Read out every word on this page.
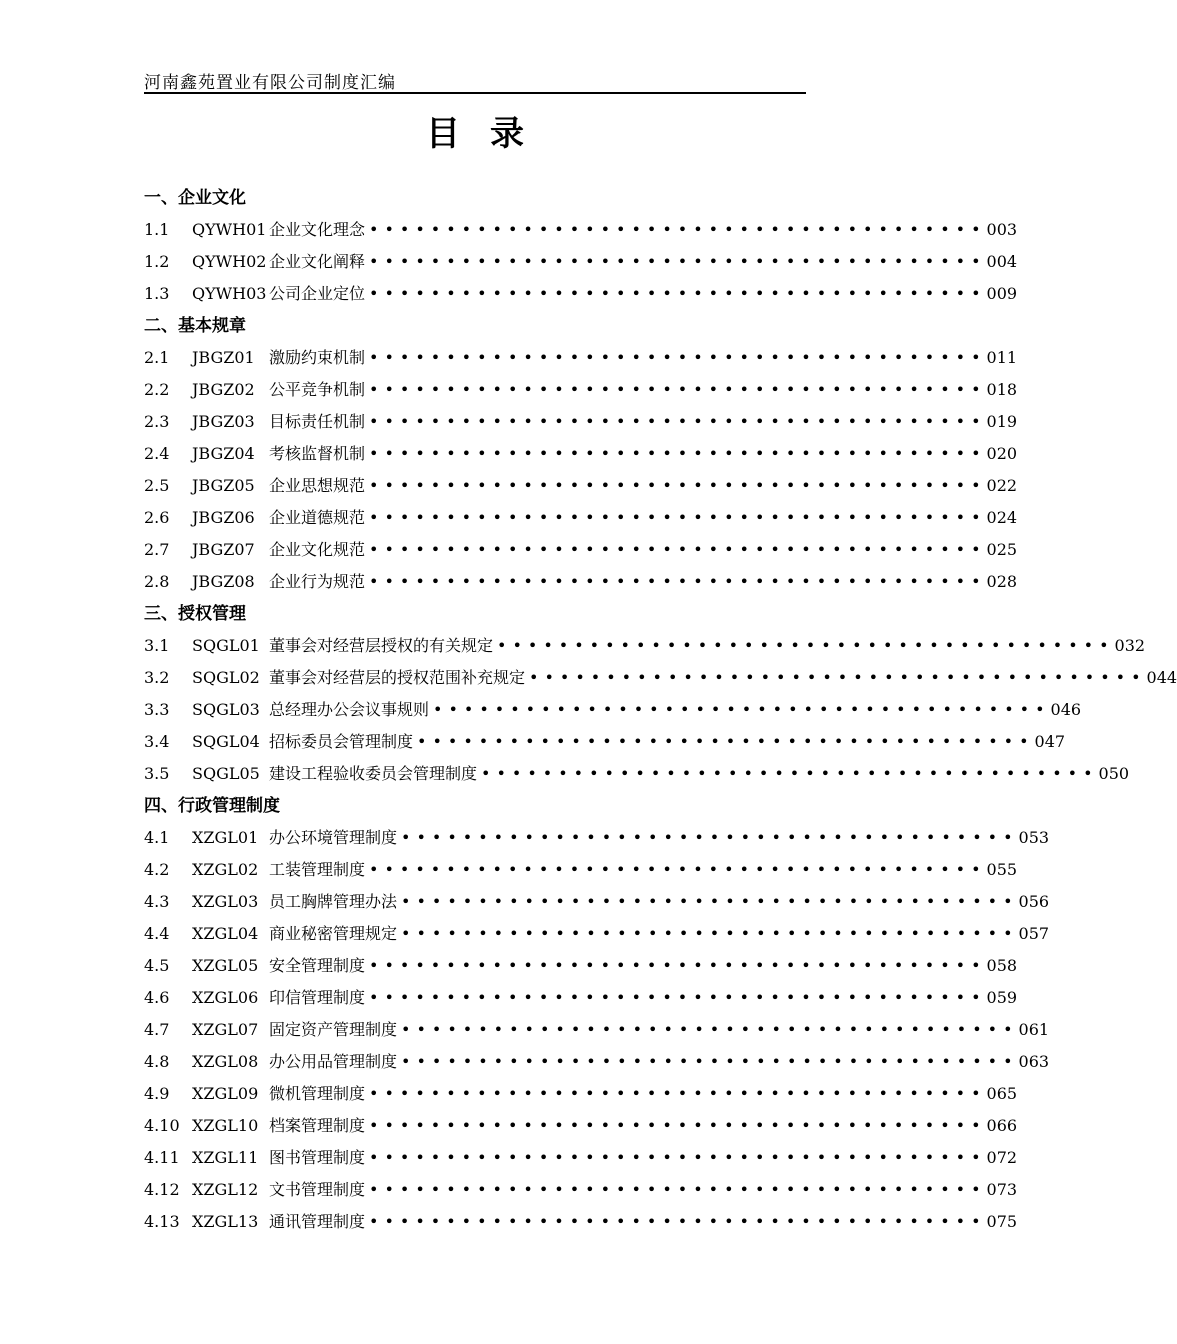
河南鑫苑置业有限公司制度汇编
目录
一、企业文化
1.1 QYWH01 企业文化理念 •••••••••••••••••••••••••••••••••••••••• 003
1.2 QYWH02 企业文化阐释 •••••••••••••••••••••••••••••••••••••••• 004
1.3 QYWH03 公司企业定位 •••••••••••••••••••••••••••••••••••••••• 009
二、基本规章
2.1 JBGZ01 激励约束机制 •••••••••••••••••••••••••••••••••••••••• 011
2.2 JBGZ02 公平竞争机制 •••••••••••••••••••••••••••••••••••••••• 018
2.3 JBGZ03 目标责任机制 •••••••••••••••••••••••••••••••••••••••• 019
2.4 JBGZ04 考核监督机制 •••••••••••••••••••••••••••••••••••••••• 020
2.5 JBGZ05 企业思想规范 •••••••••••••••••••••••••••••••••••••••• 022
2.6 JBGZ06 企业道德规范 •••••••••••••••••••••••••••••••••••••••• 024
2.7 JBGZ07 企业文化规范 •••••••••••••••••••••••••••••••••••••••• 025
2.8 JBGZ08 企业行为规范 •••••••••••••••••••••••••••••••••••••••• 028
三、授权管理
3.1 SQGL01 董事会对经营层授权的有关规定 •••••••••••••••••••••••••••••••••••••••• 032
3.2 SQGL02 董事会对经营层的授权范围补充规定 •••••••••••••••••••••••••••••••••••••••• 044
3.3 SQGL03 总经理办公会议事规则 •••••••••••••••••••••••••••••••••••••••• 046
3.4 SQGL04 招标委员会管理制度 •••••••••••••••••••••••••••••••••••••••• 047
3.5 SQGL05 建设工程验收委员会管理制度 •••••••••••••••••••••••••••••••••••••••• 050
四、行政管理制度
4.1 XZGL01 办公环境管理制度 •••••••••••••••••••••••••••••••••••••••• 053
4.2 XZGL02 工装管理制度 •••••••••••••••••••••••••••••••••••••••• 055
4.3 XZGL03 员工胸牌管理办法 •••••••••••••••••••••••••••••••••••••••• 056
4.4 XZGL04 商业秘密管理规定 •••••••••••••••••••••••••••••••••••••••• 057
4.5 XZGL05 安全管理制度 •••••••••••••••••••••••••••••••••••••••• 058
4.6 XZGL06 印信管理制度 •••••••••••••••••••••••••••••••••••••••• 059
4.7 XZGL07 固定资产管理制度 •••••••••••••••••••••••••••••••••••••••• 061
4.8 XZGL08 办公用品管理制度 •••••••••••••••••••••••••••••••••••••••• 063
4.9 XZGL09 微机管理制度 •••••••••••••••••••••••••••••••••••••••• 065
4.10 XZGL10 档案管理制度 •••••••••••••••••••••••••••••••••••••••• 066
4.11 XZGL11 图书管理制度 •••••••••••••••••••••••••••••••••••••••• 072
4.12 XZGL12 文书管理制度 •••••••••••••••••••••••••••••••••••••••• 073
4.13 XZGL13 通讯管理制度 •••••••••••••••••••••••••••••••••••••••• 075
